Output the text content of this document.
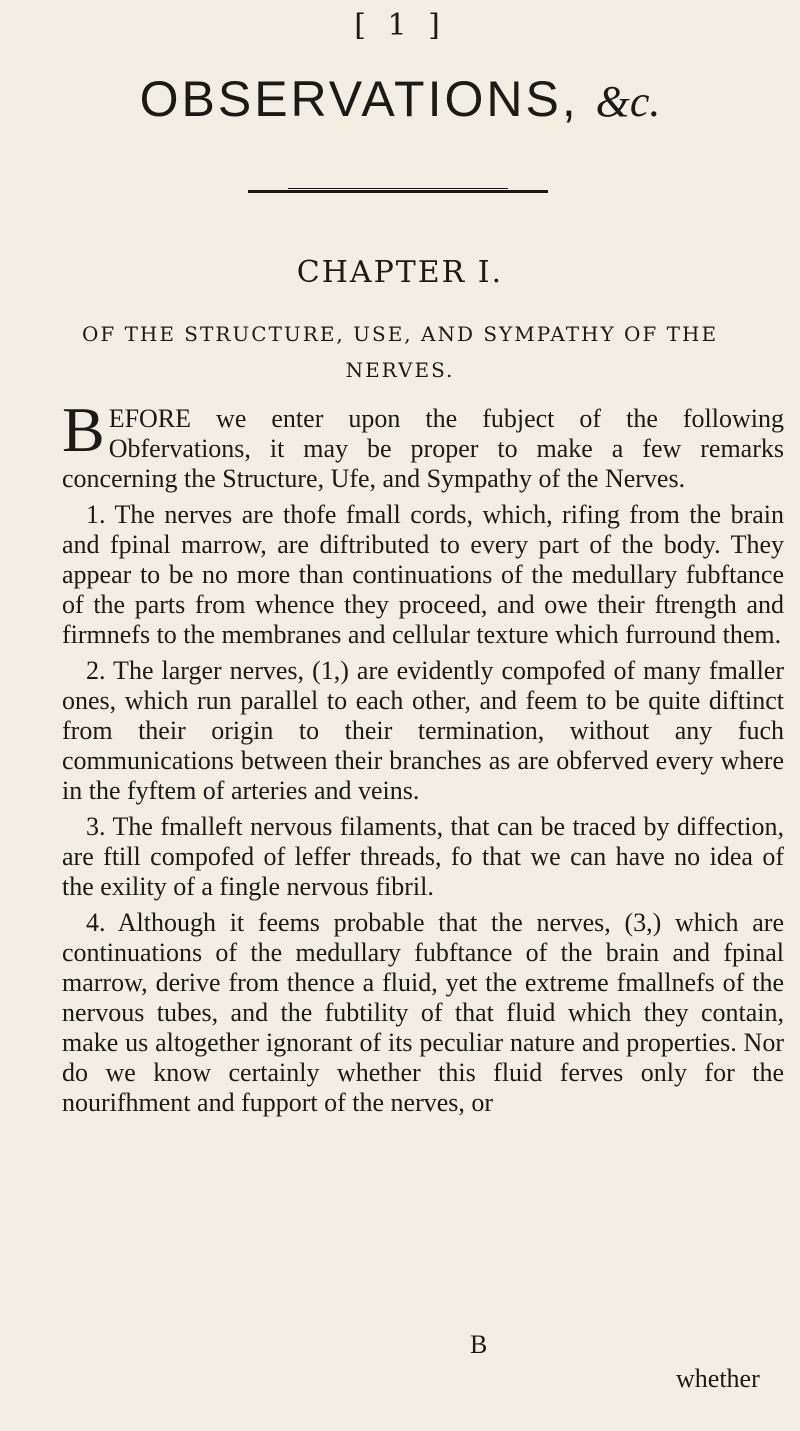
[ 1 ]
OBSERVATIONS, &c.
CHAPTER I.
OF THE STRUCTURE, USE, AND SYMPATHY OF THE NERVES.

BEFORE we enter upon the fubject of the following Obfervations, it may be proper to make a few remarks concerning the Structure, Ufe, and Sympathy of the Nerves.

1. The nerves are thofe fmall cords, which, rifing from the brain and fpinal marrow, are diftributed to every part of the body. They appear to be no more than continuations of the medullary fubftance of the parts from whence they proceed, and owe their ftrength and firmnefs to the membranes and cellular texture which furround them.

2. The larger nerves, (1,) are evidently compofed of many fmaller ones, which run parallel to each other, and feem to be quite diftinct from their origin to their termination, without any fuch communications between their branches as are obferved every where in the fyftem of arteries and veins.

3. The fmalleft nervous filaments, that can be traced by diffection, are ftill compofed of leffer threads, fo that we can have no idea of the exility of a fingle nervous fibril.

4. Although it feems probable that the nerves, (3,) which are continuations of the medullary fubftance of the brain and fpinal marrow, derive from thence a fluid, yet the extreme fmallnefs of the nervous tubes, and the fubtility of that fluid which they contain, make us altogether ignorant of its peculiar nature and properties. Nor do we know certainly whether this fluid ferves only for the nourifhment and fupport of the nerves, or

B
whether
